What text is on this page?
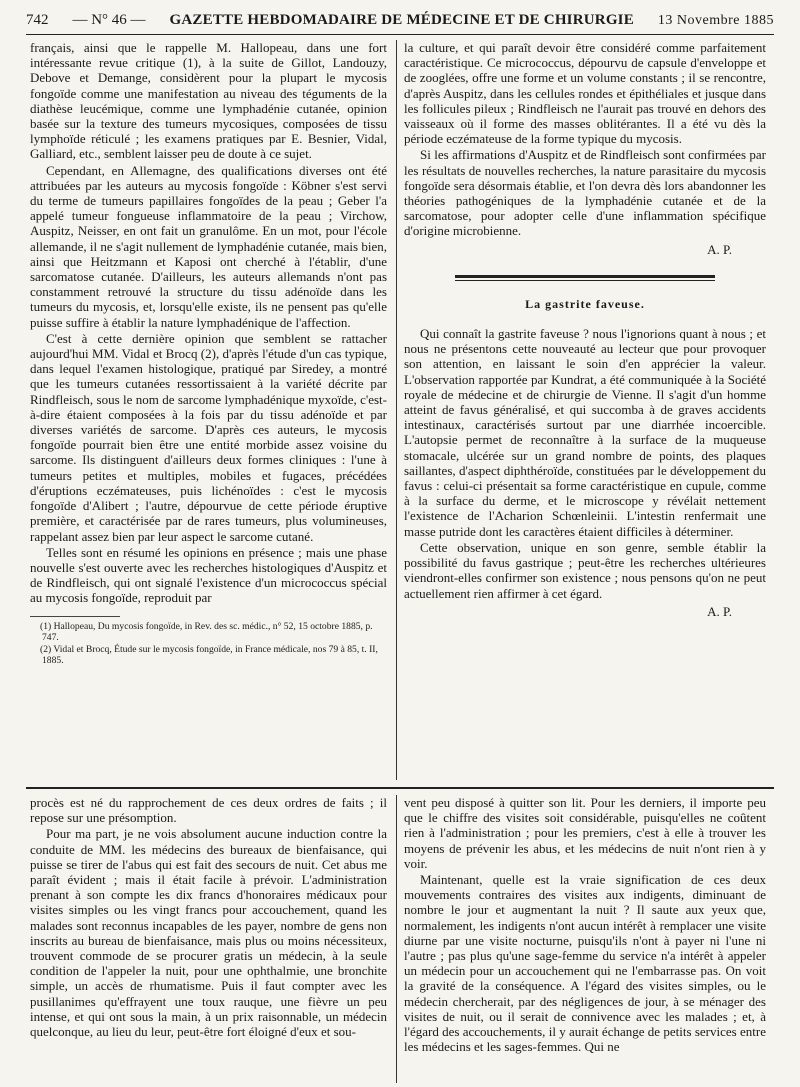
742 — N° 46 — GAZETTE HEBDOMADAIRE DE MÉDECINE ET DE CHIRURGIE 13 Novembre 1885

français, ainsi que le rappelle M. Hallopeau, dans une fort intéressante revue critique (1), à la suite de Gillot, Landouzy, Debove et Demange, considèrent pour la plupart le mycosis fongoïde comme une manifestation au niveau des téguments de la diathèse leucémique, comme une lymphadénie cutanée, opinion basée sur la texture des tumeurs mycosiques, composées de tissu lymphoïde réticulé ; les examens pratiques par E. Besnier, Vidal, Galliard, etc., semblent laisser peu de doute à ce sujet.

Cependant, en Allemagne, des qualifications diverses ont été attribuées par les auteurs au mycosis fongoïde : Köbner s'est servi du terme de tumeurs papillaires fongoïdes de la peau ; Geber l'a appelé tumeur fongueuse inflammatoire de la peau ; Virchow, Auspitz, Neisser, en ont fait un granulôme. En un mot, pour l'école allemande, il ne s'agit nullement de lymphadénie cutanée, mais bien, ainsi que Heitzmann et Kaposi ont cherché à l'établir, d'une sarcomatose cutanée. D'ailleurs, les auteurs allemands n'ont pas constamment retrouvé la structure du tissu adénoïde dans les tumeurs du mycosis, et, lorsqu'elle existe, ils ne pensent pas qu'elle puisse suffire à établir la nature lymphadénique de l'affection.

C'est à cette dernière opinion que semblent se rattacher aujourd'hui MM. Vidal et Brocq (2), d'après l'étude d'un cas typique, dans lequel l'examen histologique, pratiqué par Siredey, a montré que les tumeurs cutanées ressortissaient à la variété décrite par Rindfleisch, sous le nom de sarcome lymphadénique myxoïde, c'est-à-dire étaient composées à la fois par du tissu adénoïde et par diverses variétés de sarcome. D'après ces auteurs, le mycosis fongoïde pourrait bien être une entité morbide assez voisine du sarcome. Ils distinguent d'ailleurs deux formes cliniques : l'une à tumeurs petites et multiples, mobiles et fugaces, précédées d'éruptions eczémateuses, puis lichénoïdes : c'est le mycosis fongoïde d'Alibert ; l'autre, dépourvue de cette période éruptive première, et caractérisée par de rares tumeurs, plus volumineuses, rappelant assez bien par leur aspect le sarcome cutané.

Telles sont en résumé les opinions en présence ; mais une phase nouvelle s'est ouverte avec les recherches histologiques d'Auspitz et de Rindfleisch, qui ont signalé l'existence d'un micrococcus spécial au mycosis fongoïde, reproduit par

(1) Hallopeau, Du mycosis fongoïde, in Rev. des sc. médic., n° 52, 15 octobre 1885, p. 747.
(2) Vidal et Brocq, Étude sur le mycosis fongoïde, in France médicale, nos 79 à 85, t. II, 1885.

la culture, et qui paraît devoir être considéré comme parfaitement caractéristique. Ce micrococcus, dépourvu de capsule d'enveloppe et de zooglées, offre une forme et un volume constants ; il se rencontre, d'après Auspitz, dans les cellules rondes et épithéliales et jusque dans les follicules pileux ; Rindfleisch ne l'aurait pas trouvé en dehors des vaisseaux où il forme des masses oblitérantes. Il a été vu dès la période eczémateuse de la forme typique du mycosis.

Si les affirmations d'Auspitz et de Rindfleisch sont confirmées par les résultats de nouvelles recherches, la nature parasitaire du mycosis fongoïde sera désormais établie, et l'on devra dès lors abandonner les théories pathogéniques de la lymphadénie cutanée et de la sarcomatose, pour adopter celle d'une inflammation spécifique d'origine microbienne.

A. P.
La gastrite faveuse.

Qui connaît la gastrite faveuse ? nous l'ignorions quant à nous ; et nous ne présentons cette nouveauté au lecteur que pour provoquer son attention, en laissant le soin d'en apprécier la valeur. L'observation rapportée par Kundrat, a été communiquée à la Société royale de médecine et de chirurgie de Vienne. Il s'agit d'un homme atteint de favus généralisé, et qui succomba à de graves accidents intestinaux, caractérisés surtout par une diarrhée incoercible. L'autopsie permet de reconnaître à la surface de la muqueuse stomacale, ulcérée sur un grand nombre de points, des plaques saillantes, d'aspect diphthéroïde, constituées par le développement du favus : celui-ci présentait sa forme caractéristique en cupule, comme à la surface du derme, et le microscope y révélait nettement l'existence de l'Acharion Schœnleinii. L'intestin renfermait une masse putride dont les caractères étaient difficiles à déterminer.

Cette observation, unique en son genre, semble établir la possibilité du favus gastrique ; peut-être les recherches ultérieures viendront-elles confirmer son existence ; nous pensons qu'on ne peut actuellement rien affirmer à cet égard.

A. P.

procès est né du rapprochement de ces deux ordres de faits ; il repose sur une présomption.

Pour ma part, je ne vois absolument aucune induction contre la conduite de MM. les médecins des bureaux de bienfaisance, qui puisse se tirer de l'abus qui est fait des secours de nuit. Cet abus me paraît évident ; mais il était facile à prévoir. L'administration prenant à son compte les dix francs d'honoraires médicaux pour visites simples ou les vingt francs pour accouchement, quand les malades sont reconnus incapables de les payer, nombre de gens non inscrits au bureau de bienfaisance, mais plus ou moins nécessiteux, trouvent commode de se procurer gratis un médecin, à la seule condition de l'appeler la nuit, pour une ophthalmie, une bronchite simple, un accès de rhumatisme. Puis il faut compter avec les pusillanimes qu'effrayent une toux rauque, une fièvre un peu intense, et qui ont sous la main, à un prix raisonnable, un médecin quelconque, au lieu du leur, peut-être fort éloigné d'eux et sou-

vent peu disposé à quitter son lit. Pour les derniers, il importe peu que le chiffre des visites soit considérable, puisqu'elles ne coûtent rien à l'administration ; pour les premiers, c'est à elle à trouver les moyens de prévenir les abus, et les médecins de nuit n'ont rien à y voir.

Maintenant, quelle est la vraie signification de ces deux mouvements contraires des visites aux indigents, diminuant de nombre le jour et augmentant la nuit ? Il saute aux yeux que, normalement, les indigents n'ont aucun intérêt à remplacer une visite diurne par une visite nocturne, puisqu'ils n'ont à payer ni l'une ni l'autre ; pas plus qu'une sage-femme du service n'a intérêt à appeler un médecin pour un accouchement qui ne l'embarrasse pas. On voit la gravité de la conséquence. A l'égard des visites simples, ou le médecin chercherait, par des négligences de jour, à se ménager des visites de nuit, ou il serait de connivence avec les malades ; et, à l'égard des accouchements, il y aurait échange de petits services entre les médecins et les sages-femmes. Qui ne
